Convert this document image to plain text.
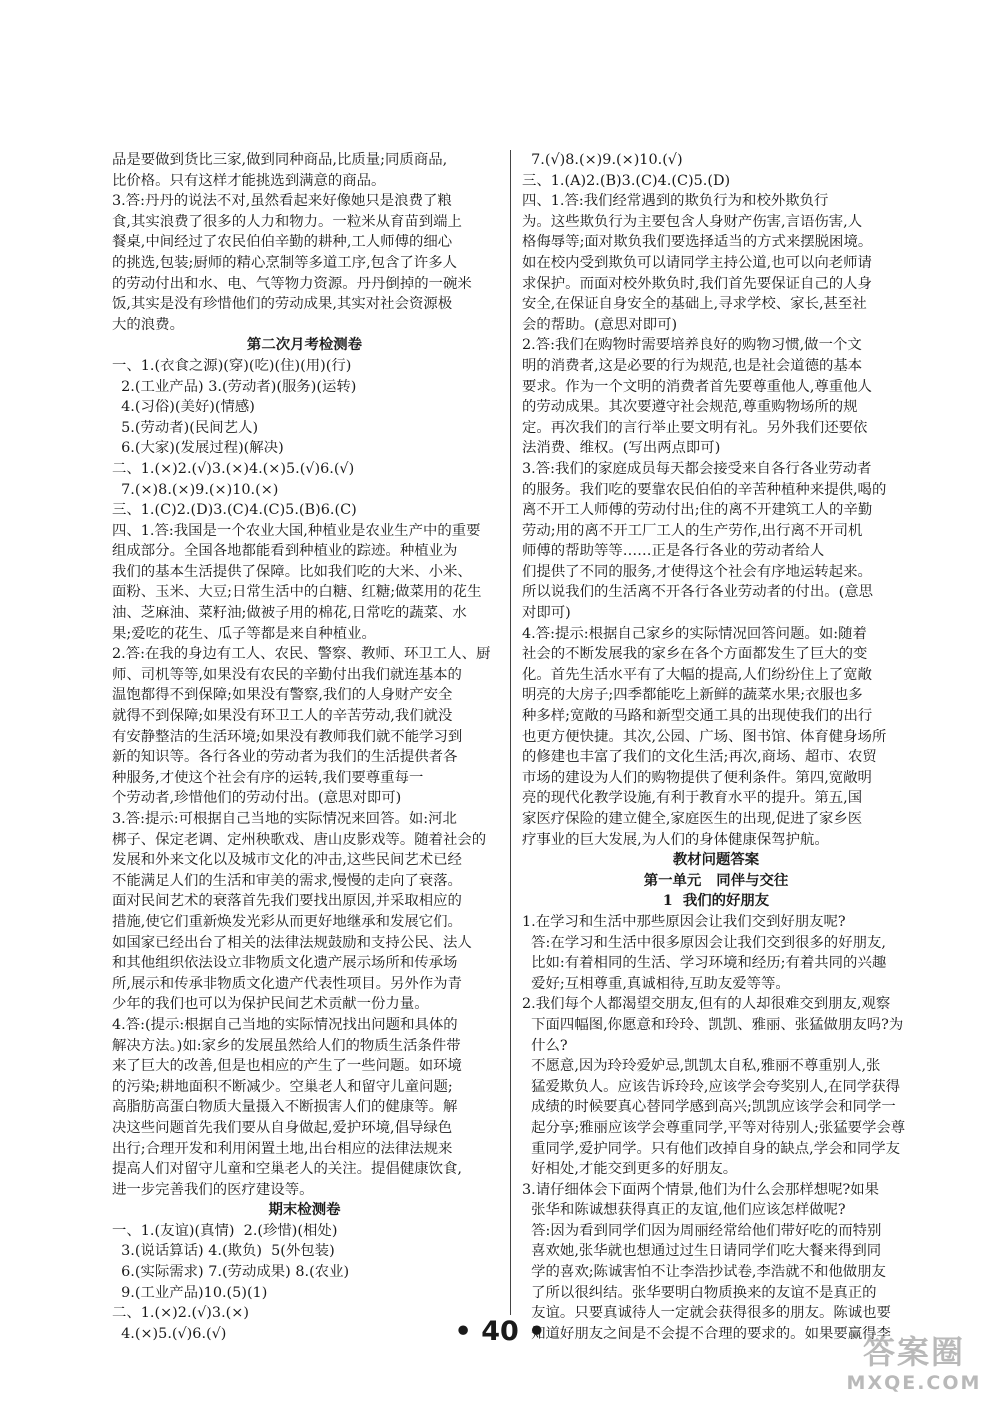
品是要做到货比三家,做到同种商品,比质量;同质商品,
比价格。只有这样才能挑选到满意的商品。
3.答:丹丹的说法不对,虽然看起来好像她只是浪费了粮
食,其实浪费了很多的人力和物力。一粒米从育苗到端上
餐桌,中间经过了农民伯伯辛勤的耕种,工人师傅的细心
的挑选,包装;厨师的精心烹制等多道工序,包含了许多人
的劳动付出和水、电、气等物力资源。丹丹倒掉的一碗米
饭,其实是没有珍惜他们的劳动成果,其实对社会资源极
大的浪费。
第二次月考检测卷
一、1.(衣食之源)(穿)(吃)(住)(用)(行)
2.(工业产品) 3.(劳动者)(服务)(运转)
4.(习俗)(美好)(情感)
5.(劳动者)(民间艺人)
6.(大家)(发展过程)(解决)
二、1.(×)2.(√)3.(×)4.(×)5.(√)6.(√)
7.(×)8.(×)9.(×)10.(×)
三、1.(C)2.(D)3.(C)4.(C)5.(B)6.(C)
四、1.答:我国是一个农业大国,种植业是农业生产中的重要
组成部分。全国各地都能看到种植业的踪迹。种植业为
我们的基本生活提供了保障。比如我们吃的大米、小米、
面粉、玉米、大豆;日常生活中的白糖、红糖;做菜用的花生
油、芝麻油、菜籽油;做被子用的棉花,日常吃的蔬菜、水
果;爱吃的花生、瓜子等都是来自种植业。
2.答:在我的身边有工人、农民、警察、教师、环卫工人、厨
师、司机等等,如果没有农民的辛勤付出我们就连基本的
温饱都得不到保障;如果没有警察,我们的人身财产安全
就得不到保障;如果没有环卫工人的辛苦劳动,我们就没
有安静整洁的生活环境;如果没有教师我们就不能学习到
新的知识等。各行各业的劳动者为我们的生活提供者各
种服务,才使这个社会有序的运转,我们要尊重每一
个劳动者,珍惜他们的劳动付出。(意思对即可)
3.答:提示:可根据自己当地的实际情况来回答。如:河北
梆子、保定老调、定州秧歌戏、唐山皮影戏等。随着社会的
发展和外来文化以及城市文化的冲击,这些民间艺术已经
不能满足人们的生活和审美的需求,慢慢的走向了衰落。
面对民间艺术的衰落首先我们要找出原因,并采取相应的
措施,使它们重新焕发光彩从而更好地继承和发展它们。
如国家已经出台了相关的法律法规鼓励和支持公民、法人
和其他组织依法设立非物质文化遗产展示场所和传承场
所,展示和传承非物质文化遗产代表性项目。另外作为青
少年的我们也可以为保护民间艺术贡献一份力量。
4.答:(提示:根据自己当地的实际情况找出问题和具体的
解决方法。)如:家乡的发展虽然给人们的物质生活条件带
来了巨大的改善,但是也相应的产生了一些问题。如环境
的污染;耕地面积不断减少。空巢老人和留守儿童问题;
高脂肪高蛋白物质大量摄入不断损害人们的健康等。解
决这些问题首先我们要从自身做起,爱护环境,倡导绿色
出行;合理开发和利用闲置土地,出台相应的法律法规来
提高人们对留守儿童和空巢老人的关注。提倡健康饮食,
进一步完善我们的医疗建设等。
期末检测卷
一、1.(友谊)(真情)  2.(珍惜)(相处)
3.(说话算话) 4.(欺负)  5(外包装)
6.(实际需求) 7.(劳动成果) 8.(农业)
9.(工业产品)10.(5)(1)
二、1.(×)2.(√)3.(×)
4.(×)5.(√)6.(√)
7.(√)8.(×)9.(×)10.(√)
三、1.(A)2.(B)3.(C)4.(C)5.(D)
四、1.答:我们经常遇到的欺负行为和校外欺负行
为。这些欺负行为主要包含人身财产伤害,言语伤害,人
格侮辱等;面对欺负我们要选择适当的方式来摆脱困境。
如在校内受到欺负可以请同学主持公道,也可以向老师请
求保护。而面对校外欺负时,我们首先要保证自己的人身
安全,在保证自身安全的基础上,寻求学校、家长,甚至社
会的帮助。(意思对即可)
2.答:我们在购物时需要培养良好的购物习惯,做一个文
明的消费者,这是必要的行为规范,也是社会道德的基本
要求。作为一个文明的消费者首先要尊重他人,尊重他人
的劳动成果。其次要遵守社会规范,尊重购物场所的规
定。再次我们的言行举止要文明有礼。另外我们还要依
法消费、维权。(写出两点即可)
3.答:我们的家庭成员每天都会接受来自各行各业劳动者
的服务。我们吃的要靠农民伯伯的辛苦种植种来提供,喝的
离不开工人师傅的劳动付出;住的离不开建筑工人的辛勤
劳动;用的离不开工厂工人的生产劳作,出行离不开司机
师傅的帮助等等……正是各行各业的劳动者给人
们提供了不同的服务,才使得这个社会有序地运转起来。
所以说我们的生活离不开各行各业劳动者的付出。(意思
对即可)
4.答:提示:根据自己家乡的实际情况回答问题。如:随着
社会的不断发展我的家乡在各个方面都发生了巨大的变
化。首先生活水平有了大幅的提高,人们纷纷住上了宽敞
明亮的大房子;四季都能吃上新鲜的蔬菜水果;衣服也多
种多样;宽敞的马路和新型交通工具的出现使我们的出行
也更方便快捷。其次,公园、广场、图书馆、体育健身场所
的修建也丰富了我们的文化生活;再次,商场、超市、农贸
市场的建设为人们的购物提供了便利条件。第四,宽敞明
亮的现代化教学设施,有利于教育水平的提升。第五,国
家医疗保险的建立健全,家庭医生的出现,促进了家乡医
疗事业的巨大发展,为人们的身体健康保驾护航。
教材问题答案
第一单元   同伴与交往
1  我们的好朋友
1.在学习和生活中那些原因会让我们交到好朋友呢?
答:在学习和生活中很多原因会让我们交到很多的好朋友,
比如:有着相同的生活、学习环境和经历;有着共同的兴趣
爱好;互相尊重,真诚相待,互助友爱等等。
2.我们每个人都渴望交朋友,但有的人却很难交到朋友,观察
下面四幅图,你愿意和玲玲、凯凯、雅丽、张猛做朋友吗?为
什么?
不愿意,因为玲玲爱妒忌,凯凯太自私,雅丽不尊重别人,张
猛爱欺负人。应该告诉玲玲,应该学会夸奖别人,在同学获得
成绩的时候要真心替同学感到高兴;凯凯应该学会和同学一
起分享;雅丽应该学会尊重同学,平等对待别人;张猛要学会尊
重同学,爱护同学。只有他们改掉自身的缺点,学会和同学友
好相处,才能交到更多的好朋友。
3.请仔细体会下面两个情景,他们为什么会那样想呢?如果
张华和陈诚想获得真正的友谊,他们应该怎样做呢?
答:因为看到同学们因为周丽经常给他们带好吃的而特别
喜欢她,张华就也想通过过生日请同学们吃大餐来得到同
学的喜欢;陈诚害怕不让李浩抄试卷,李浩就不和他做朋友
了所以很纠结。张华要明白物质换来的友谊不是真正的
友谊。只要真诚待人一定就会获得很多的朋友。陈诚也要
知道好朋友之间是不会提不合理的要求的。如果要赢得李
• 40 •
答案圈
MXQE.COM
